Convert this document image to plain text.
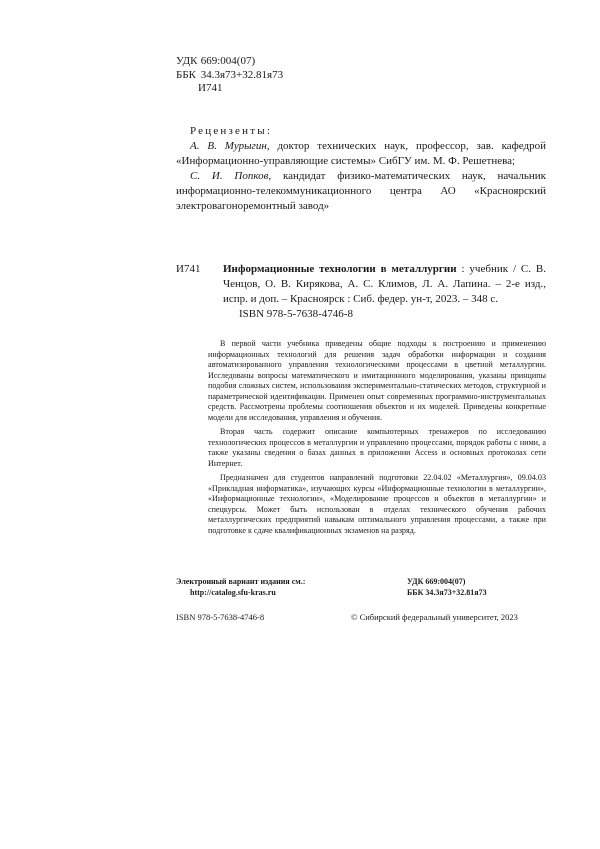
УДК 669:004(07)
ББК 34.3я73+32.81я73
И741
Рецензенты:

А. В. Мурыгин, доктор технических наук, профессор, зав. кафедрой «Информационно-управляющие системы» СибГУ им. М. Ф. Решетнева;

С. И. Попков, кандидат физико-математических наук, начальник информационно-телекоммуникационного центра АО «Красноярский электровагоноремонтный завод»

И741 Информационные технологии в металлургии : учебник / С. В. Ченцов, О. В. Кирякова, А. С. Климов, Л. А. Лапина. – 2-е изд., испр. и доп. – Красноярск : Сиб. федер. ун-т, 2023. – 348 с.
ISBN 978-5-7638-4746-8

В первой части учебника приведены общие подходы к построению и применению информационных технологий для решения задач обработки информации и создания автоматизированного управления технологическими процессами в цветной металлургии. Исследованы вопросы математического и имитационного моделирования, указаны принципы подобия сложных систем, использования экспериментально-статических методов, структурной и параметрической идентификации. Применен опыт современных программно-инструментальных средств. Рассмотрены проблемы соотношения объектов и их моделей. Приведены конкретные модели для исследования, управления и обучения.

Вторая часть содержит описание компьютерных тренажеров по исследованию технологических процессов в металлургии и управлению процессами, порядок работы с ними, а также указаны сведения о базах данных в приложении Access и основных протоколах сети Интернет.

Предназначен для студентов направлений подготовки 22.04.02 «Металлургия», 09.04.03 «Прикладная информатика», изучающих курсы «Информационные технологии в металлургии», «Информационные технологии», «Моделирование процессов и объектов в металлургии» и спецкурсы. Может быть использован в отделах технического обучения рабочих металлургических предприятий навыкам оптимального управления процессами, а также при подготовке к сдаче квалификационных экзаменов на разряд.

Электронный вариант издания см.:
http://catalog.sfu-kras.ru
УДК 669:004(07)
ББК 34.3я73+32.81я73
ISBN 978-5-7638-4746-8	© Сибирский федеральный университет, 2023
